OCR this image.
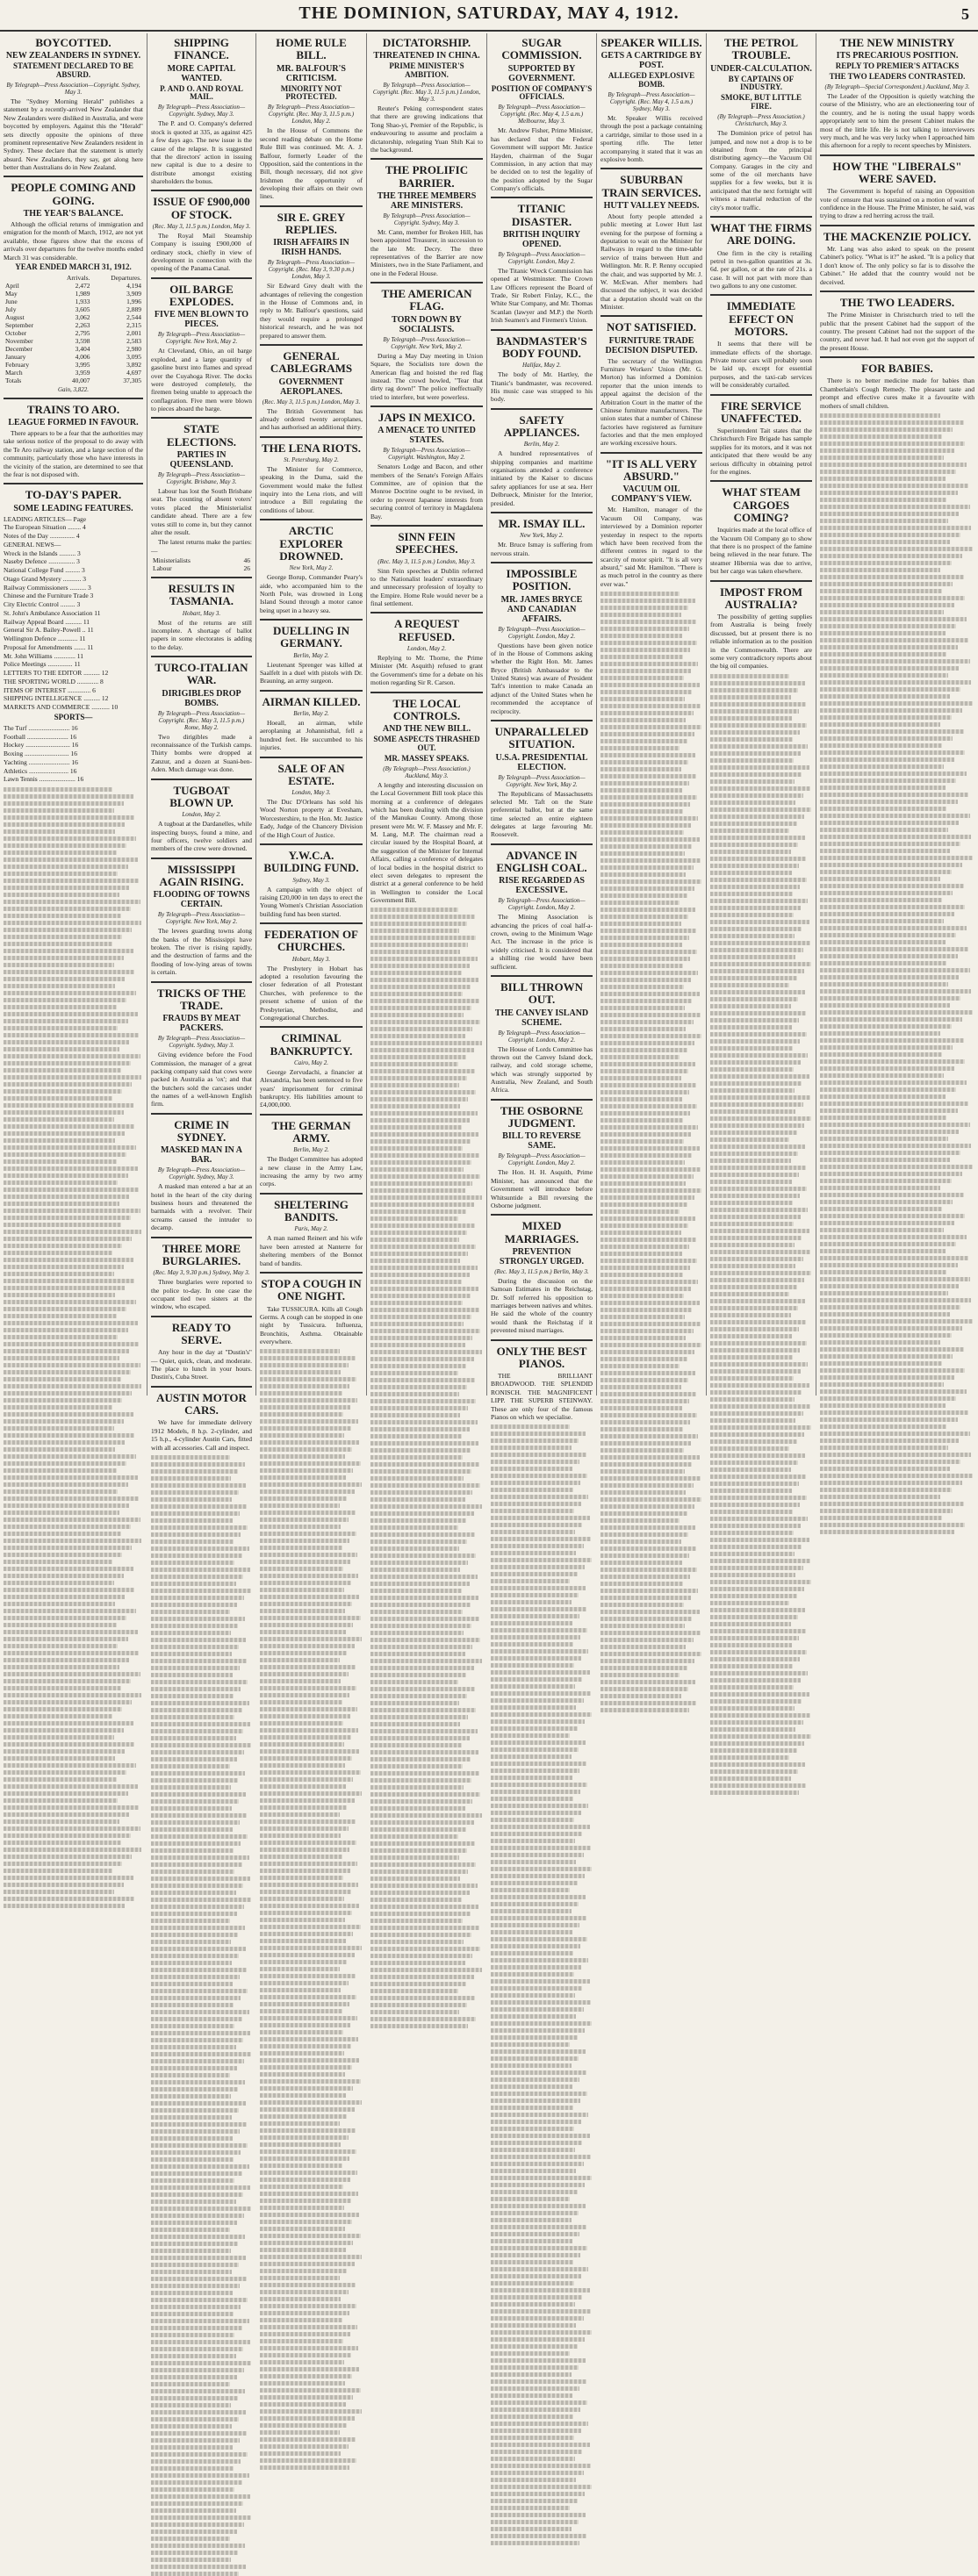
THE DOMINION, SATURDAY, MAY 4, 1912.	5
BOYCOTTED.
NEW ZEALANDERS IN SYDNEY.
STATEMENT DECLARED TO BE ABSURD.
By Telegraph—Press Association—Copyright. Sydney, May 3.

The "Sydney Morning Herald" publishes a statement by a recently-arrived New Zealander that New Zealanders were disliked in Australia, and were boycotted by employers. Against this the "Herald" sets directly opposite the opinions of three prominent representative New Zealanders resident in Sydney. These declare that the statement is utterly absurd. New Zealanders, they say, get along here better than Australians do in New Zealand.

PEOPLE COMING AND GOING.
THE YEAR'S BALANCE.

Although the official returns of immigration and emigration for the month of March, 1912, are not yet available, those figures show that the excess of arrivals over departures for the twelve months ended March 31 was considerable.

YEAR ENDED MARCH 31, 1912.
	Arrivals.	Departures.
April	2,472	4,194
May	1,989	3,909
June	1,933	1,996
July	3,605	2,889
August	3,062	2,544
September	2,263	2,315
October	2,795	2,001
November	3,598	2,583
December	3,404	2,980
January	4,006	3,095
February	3,995	3,892
March	3,959	4,697
Totals	40,007	37,305
Gain, 3,822.
TRAINS TO ARO.
LEAGUE FORMED IN FAVOUR.

There appears to be a fear that the authorities may take serious notice of the proposal to do away with the Te Aro railway station, and a large section of the community, particularly those who have interests in the vicinity of the station, are determined to see that the fear is not disposed with.

TO-DAY'S PAPER.
SOME LEADING FEATURES.
LEADING ARTICLES— Page
The European Situation ........ 4
Notes of the Day ............... 4
GENERAL NEWS—
Wreck in the Islands .......... 3
Naseby Defence ................ 3
National College Fund ......... 3
Otago Grand Mystery ........... 3
Railway Commissioners .......... 3
Chinese and the Furniture Trade 3
City Electric Control ......... 3
St. John's Ambulance Association 11
Railway Appeal Board .......... 11
General Sir A. Bailey-Powell .. 11
Wellington Defence ............ 11
Proposal for Amendments ....... 11
Mr. John Williams ............. 11
Police Meetings ............... 11
LETTERS TO THE EDITOR .......... 12
THE SPORTING WORLD ............. 8
ITEMS OF INTEREST .............. 6
SHIPPING INTELLIGENCE .......... 12
MARKETS AND COMMERCE ........... 10
SPORTS—
The Turf ......................... 16
Football ......................... 16
Hockey ........................... 16
Boxing ........................... 16
Yachting ......................... 16
Athletics ........................ 16
Lawn Tennis ...................... 16
SHIPPING FINANCE.
MORE CAPITAL WANTED.
P. AND O. AND ROYAL MAIL.
By Telegraph—Press Association—Copyright. Sydney, May 3.

The P. and O. Company's deferred stock is quoted at 335, as against 425 a few days ago. The new issue is the cause of the relapse. It is suggested that the directors' action in issuing new capital is due to a desire to distribute amongst existing shareholders the bonus.

ISSUE OF £900,000 OF STOCK.
(Rec. May 3, 11.5 p.m.) London, May 3.

The Royal Mail Steamship Company is issuing £900,000 of ordinary stock, chiefly in view of development in connection with the opening of the Panama Canal.

OIL BARGE EXPLODES.
FIVE MEN BLOWN TO PIECES.
By Telegraph—Press Association—Copyright. New York, May 2.

At Cleveland, Ohio, an oil barge exploded, and a large quantity of gasoline burst into flames and spread over the Cuyahoga River. The docks were destroyed completely, the firemen being unable to approach the conflagration. Five men were blown to pieces aboard the barge.

STATE ELECTIONS.
PARTIES IN QUEENSLAND.
By Telegraph—Press Association—Copyright. Brisbane, May 3.

Labour has lost the South Brisbane seat. The counting of absent voters' votes placed the Ministerialist candidate ahead. There are a few votes still to come in, but they cannot alter the result.

The latest returns make the parties:—

Ministerialists	46
Labour	26
RESULTS IN TASMANIA.
Hobart, May 3.

Most of the returns are still incomplete. A shortage of ballot papers in some electorates is adding to the delay.

TURCO-ITALIAN WAR.
DIRIGIBLES DROP BOMBS.
By Telegraph—Press Association—Copyright. (Rec. May 3, 11.5 p.m.) Rome, May 2.

Two dirigibles made a reconnaissance of the Turkish camps. Thirty bombs were dropped at Zanzur, and a dozen at Suani-ben-Aden. Much damage was done.

TUGBOAT BLOWN UP.
London, May 2.

A tugboat at the Dardanelles, while inspecting buoys, found a mine, and four officers, twelve soldiers and members of the crew were drowned.

MISSISSIPPI AGAIN RISING.
FLOODING OF TOWNS CERTAIN.
By Telegraph—Press Association—Copyright. New York, May 2.

The levees guarding towns along the banks of the Mississippi have broken. The river is rising rapidly, and the destruction of farms and the flooding of low-lying areas of towns is certain.

TRICKS OF THE TRADE.
FRAUDS BY MEAT PACKERS.
By Telegraph—Press Association—Copyright. Sydney, May 3.

Giving evidence before the Food Commission, the manager of a great packing company said that cows were packed in Australia as 'ox'; and that the butchers sold the carcases under the names of a well-known English firm.

CRIME IN SYDNEY.
MASKED MAN IN A BAR.
By Telegraph—Press Association—Copyright. Sydney, May 3.

A masked man entered a bar at an hotel in the heart of the city during business hours and threatened the barmaids with a revolver. Their screams caused the intruder to decamp.

THREE MORE BURGLARIES.
(Rec. May 3, 9.30 p.m.) Sydney, May 3.

Three burglaries were reported to the police to-day. In one case the occupant tied two sisters at the window, who escaped.

READY TO SERVE.

Any hour in the day at "Dustin's" — Quiet, quick, clean, and moderate. The place to lunch in your hours. Dustin's, Cuba Street.

AUSTIN MOTOR CARS.

We have for immediate delivery 1912 Models, 8 h.p. 2-cylinder, and 15 h.p., 4-cylinder Austin Cars, fitted with all accessories. Call and inspect.

HOME RULE BILL.
MR. BALFOUR'S CRITICISM.
MINORITY NOT PROTECTED.
By Telegraph—Press Association—Copyright. (Rec. May 3, 11.5 p.m.) London, May 2.

In the House of Commons the second reading debate on the Home Rule Bill was continued. Mr. A. J. Balfour, formerly Leader of the Opposition, said the contentions in the Bill, though necessary, did not give Irishmen the opportunity of developing their affairs on their own lines.

SIR E. GREY REPLIES.
IRISH AFFAIRS IN IRISH HANDS.
By Telegraph—Press Association—Copyright. (Rec. May 3, 9.30 p.m.) London, May 3.

Sir Edward Grey dealt with the advantages of relieving the congestion in the House of Commons and, in reply to Mr. Balfour's questions, said they would require a prolonged historical research, and he was not prepared to answer them.

GENERAL CABLEGRAMS
GOVERNMENT AEROPLANES.
(Rec. May 3, 11.5 p.m.) London, May 3.

The British Government has already ordered twenty aeroplanes, and has authorised an additional thirty.

THE LENA RIOTS.
St. Petersburg, May 2.

The Minister for Commerce, speaking in the Duma, said the Government would make the fullest inquiry into the Lena riots, and will introduce a Bill regulating the conditions of labour.

ARCTIC EXPLORER DROWNED.
New York, May 2.

George Borup, Commander Peary's aide, who accompanied him to the North Pole, was drowned in Long Island Sound through a motor canoe being upset in a heavy sea.

DUELLING IN GERMANY.
Berlin, May 2.

Lieutenant Sprenger was killed at Saalfelt in a duel with pistols with Dr. Brauning, an army surgeon.

AIRMAN KILLED.
Berlin, May 2.

Hoeall, an airman, while aeroplaning at Johannisthal, fell a hundred feet. He succumbed to his injuries.

SALE OF AN ESTATE.
London, May 3.

The Duc D'Orleans has sold his Wood Norton property at Evesham, Worcestershire, to the Hon. Mr. Justice Eady, Judge of the Chancery Division of the High Court of Justice.

Y.W.C.A. BUILDING FUND.
Sydney, May 3.

A campaign with the object of raising £20,000 in ten days to erect the Young Women's Christian Association building fund has been started.

FEDERATION OF CHURCHES.
Hobart, May 3.

The Presbytery in Hobart has adopted a resolution favouring the closer federation of all Protestant Churches, with preference to the present scheme of union of the Presbyterian, Methodist, and Congregational Churches.

CRIMINAL BANKRUPTCY.
Cairo, May 2.

George Zervudachi, a financier at Alexandria, has been sentenced to five years' imprisonment for criminal bankruptcy. His liabilities amount to £4,000,000.

THE GERMAN ARMY.
Berlin, May 2.

The Budget Committee has adopted a new clause in the Army Law, increasing the army by two army corps.

SHELTERING BANDITS.
Paris, May 2.

A man named Reinert and his wife have been arrested at Nanterre for sheltering members of the Bonnot band of bandits.

STOP A COUGH IN ONE NIGHT.

Take TUSSICURA. Kills all Cough Germs. A cough can be stopped in one night by Tussicura. Influenza, Bronchitis, Asthma. Obtainable everywhere.

DICTATORSHIP.
THREATENED IN CHINA.
PRIME MINISTER'S AMBITION.
By Telegraph—Press Association—Copyright. (Rec. May 3, 11.5 p.m.) London, May 3.

Reuter's Peking correspondent states that there are growing indications that Tong Shao-yi, Premier of the Republic, is endeavouring to assume and proclaim a dictatorship, relegating Yuan Shih Kai to the background.

THE PROLIFIC BARRIER.
THE THREE MEMBERS ARE MINISTERS.
By Telegraph—Press Association—Copyright. Sydney, May 3.

Mr. Cann, member for Broken Hill, has been appointed Treasurer, in succession to the late Mr. Decry. The three representatives of the Barrier are now Ministers, two in the State Parliament, and one in the Federal House.

THE AMERICAN FLAG.
TORN DOWN BY SOCIALISTS.
By Telegraph—Press Association—Copyright. New York, May 2.

During a May Day meeting in Union Square, the Socialists tore down the American flag and hoisted the red flag instead. The crowd howled, "Tear that dirty rag down!" The police ineffectually tried to interfere, but were powerless.

JAPS IN MEXICO.
A MENACE TO UNITED STATES.
By Telegraph—Press Association—Copyright. Washington, May 2.

Senators Lodge and Bacon, and other members of the Senate's Foreign Affairs Committee, are of opinion that the Monroe Doctrine ought to be revised, in order to prevent Japanese interests from securing control of territory in Magdalena Bay.

SINN FEIN SPEECHES.
(Rec. May 3, 11.5 p.m.) London, May 3.

Sinn Fein speeches at Dublin referred to the Nationalist leaders' extraordinary and unnecessary profession of loyalty to the Empire. Home Rule would never be a final settlement.

A REQUEST REFUSED.
London, May 2.

Replying to Mr. Thorne, the Prime Minister (Mr. Asquith) refused to grant the Government's time for a debate on his motion regarding Sir R. Carson.

THE LOCAL CONTROLS.
AND THE NEW BILL.
SOME ASPECTS THRASHED OUT.
MR. MASSEY SPEAKS.
(By Telegraph—Press Association.) Auckland, May 3.

A lengthy and interesting discussion on the Local Government Bill took place this morning at a conference of delegates which has been dealing with the division of the Manukau County. Among those present were Mr. W. F. Massey and Mr. F. M. Lang, M.P. The chairman read a circular issued by the Hospital Board, at the suggestion of the Minister for Internal Affairs, calling a conference of delegates of local bodies in the hospital district to elect seven delegates to represent the district at a general conference to be held in Wellington to consider the Local Government Bill.

SUGAR COMMISSION.
SUPPORTED BY GOVERNMENT.
POSITION OF COMPANY'S OFFICIALS.
By Telegraph—Press Association—Copyright. (Rec. May 4, 1.5 a.m.) Melbourne, May 3.

Mr. Andrew Fisher, Prime Minister, has declared that the Federal Government will support Mr. Justice Hayden, chairman of the Sugar Commission, in any action that may be decided on to test the legality of the position adopted by the Sugar Company's officials.

TITANIC DISASTER.
BRITISH INQUIRY OPENED.
By Telegraph—Press Association—Copyright. London, May 2.

The Titanic Wreck Commission has opened at Westminster. The Crown Law Officers represent the Board of Trade, Sir Robert Finlay, K.C., the White Star Company, and Mr. Thomas Scanlan (lawyer and M.P.) the North Irish Seamen's and Firemen's Union.

BANDMASTER'S BODY FOUND.
Halifax, May 2.

The body of Mr. Hartley, the Titanic's bandmaster, was recovered. His music case was strapped to his body.

SAFETY APPLIANCES.
Berlin, May 2.

A hundred representatives of shipping companies and maritime organisations attended a conference initiated by the Kaiser to discuss safety appliances for use at sea. Herr Delbrueck, Minister for the Interior, presided.

MR. ISMAY ILL.
New York, May 2.

Mr. Bruce Ismay is suffering from nervous strain.

IMPOSSIBLE POSITION.
MR. JAMES BRYCE AND CANADIAN AFFAIRS.
By Telegraph—Press Association—Copyright. London, May 2.

Questions have been given notice of in the House of Commons asking whether the Right Hon. Mr. James Bryce (British Ambassador to the United States) was aware of President Taft's intention to make Canada an adjunct of the United States when he recommended the acceptance of reciprocity.

UNPARALLELED SITUATION.
U.S.A. PRESIDENTIAL ELECTION.
By Telegraph—Press Association—Copyright. New York, May 2.

The Republicans of Massachusetts selected Mr. Taft on the State preferential ballot, but at the same time selected an entire eighteen delegates at large favouring Mr. Roosevelt.

ADVANCE IN ENGLISH COAL.
RISE REGARDED AS EXCESSIVE.
By Telegraph—Press Association—Copyright. London, May 2.

The Mining Association is advancing the prices of coal half-a-crown, owing to the Minimum Wage Act. The increase in the price is widely criticised. It is considered that a shilling rise would have been sufficient.

BILL THROWN OUT.
THE CANVEY ISLAND SCHEME.
By Telegraph—Press Association—Copyright. London, May 2.

The House of Lords Committee has thrown out the Canvey Island dock, railway, and cold storage scheme, which was strongly supported by Australia, New Zealand, and South Africa.

THE OSBORNE JUDGMENT.
BILL TO REVERSE SAME.
By Telegraph—Press Association—Copyright. London, May 2.

The Hon. H. H. Asquith, Prime Minister, has announced that the Government will introduce before Whitsuntide a Bill reversing the Osborne judgment.

MIXED MARRIAGES.
PREVENTION STRONGLY URGED.
(Rec. May 3, 11.5 p.m.) Berlin, May 3.

During the discussion on the Samoan Estimates in the Reichstag, Dr. Solf referred his opposition to marriages between natives and whites. He said the whole of the country would thank the Reichstag if it prevented mixed marriages.

ONLY THE BEST PIANOS.

THE BRILLIANT BROADWOOD. THE SPLENDID RONISCH. THE MAGNIFICENT LIPP. THE SUPERB STEINWAY. These are only four of the famous Pianos on which we specialise.

SPEAKER WILLIS.
GETS A CARTRIDGE BY POST.
ALLEGED EXPLOSIVE BOMB.
By Telegraph—Press Association—Copyright. (Rec. May 4, 1.5 a.m.) Sydney, May 3.

Mr. Speaker Willis received through the post a package containing a cartridge, similar to those used in a sporting rifle. The letter accompanying it stated that it was an explosive bomb.

SUBURBAN TRAIN SERVICES.
HUTT VALLEY NEEDS.

About forty people attended a public meeting at Lower Hutt last evening for the purpose of forming a deputation to wait on the Minister for Railways in regard to the time-table service of trains between Hutt and Wellington. Mr. R. P. Renny occupied the chair, and was supported by Mr. J. W. McEwan. After members had discussed the subject, it was decided that a deputation should wait on the Minister.

NOT SATISFIED.
FURNITURE TRADE DECISION DISPUTED.

The secretary of the Wellington Furniture Workers' Union (Mr. G. Morton) has informed a Dominion reporter that the union intends to appeal against the decision of the Arbitration Court in the matter of the Chinese furniture manufacturers. The union states that a number of Chinese factories have registered as furniture factories and that the men employed are working excessive hours.

"IT IS ALL VERY ABSURD."
VACUUM OIL COMPANY'S VIEW.

Mr. Hamilton, manager of the Vacuum Oil Company, was interviewed by a Dominion reporter yesterday in respect to the reports which have been received from the different centres in regard to the scarcity of motor spirit. "It is all very absurd," said Mr. Hamilton. "There is as much petrol in the country as there ever was."

THE PETROL TROUBLE.
UNDER-CALCULATION.
BY CAPTAINS OF INDUSTRY.
SMOKE, BUT LITTLE FIRE.
(By Telegraph—Press Association.) Christchurch, May 3.

The Dominion price of petrol has jumped, and now not a drop is to be obtained from the principal distributing agency—the Vacuum Oil Company. Garages in the city and some of the oil merchants have supplies for a few weeks, but it is anticipated that the next fortnight will witness a material reduction of the city's motor traffic.

WHAT THE FIRMS ARE DOING.

One firm in the city is retailing petrol in two-gallon quantities at 3s. 6d. per gallon, or at the rate of 21s. a case. It will not part with more than two gallons to any one customer.

IMMEDIATE EFFECT ON MOTORS.

It seems that there will be immediate effects of the shortage. Private motor cars will probably soon be laid up, except for essential purposes, and the taxi-cab services will be considerably curtailed.

FIRE SERVICE UNAFFECTED.

Superintendent Tait states that the Christchurch Fire Brigade has sample supplies for its motors, and it was not anticipated that there would be any serious difficulty in obtaining petrol for the engines.

WHAT STEAM CARGOES COMING?

Inquiries made at the local office of the Vacuum Oil Company go to show that there is no prospect of the famine being relieved in the near future. The steamer Hibernia was due to arrive, but her cargo was taken elsewhere.

IMPOST FROM AUSTRALIA?

The possibility of getting supplies from Australia is being freely discussed, but at present there is no reliable information as to the position in the Commonwealth. There are some very contradictory reports about the big oil companies.

THE NEW MINISTRY
ITS PRECARIOUS POSITION.
REPLY TO PREMIER'S ATTACKS
THE TWO LEADERS CONTRASTED.
(By Telegraph—Special Correspondent.) Auckland, May 3.

The Leader of the Opposition is quietly watching the course of the Ministry, who are an electioneering tour of the country, and he is noting the usual happy words appropriately sent to him the present Cabinet makes the most of the little life. He is not talking to interviewers very much, and he was very lucky when I approached him this afternoon for a reply to recent speeches by Ministers.

HOW THE "LIBERALS" WERE SAVED.

The Government is hopeful of raising an Opposition vote of censure that was sustained on a motion of want of confidence in the House. The Prime Minister, he said, was trying to draw a red herring across the trail.

THE MACKENZIE POLICY.

Mr. Lang was also asked to speak on the present Cabinet's policy. "What is it?" he asked. "It is a policy that I don't know of. The only policy so far is to dissolve the Cabinet." He added that the country would not be deceived.

THE TWO LEADERS.

The Prime Minister in Christchurch tried to tell the public that the present Cabinet had the support of the country. The present Cabinet had not the support of the country, and never had. It had not even got the support of the present House.

FOR BABIES.

There is no better medicine made for babies than Chamberlain's Cough Remedy. The pleasant taste and prompt and effective cures make it a favourite with mothers of small children.
